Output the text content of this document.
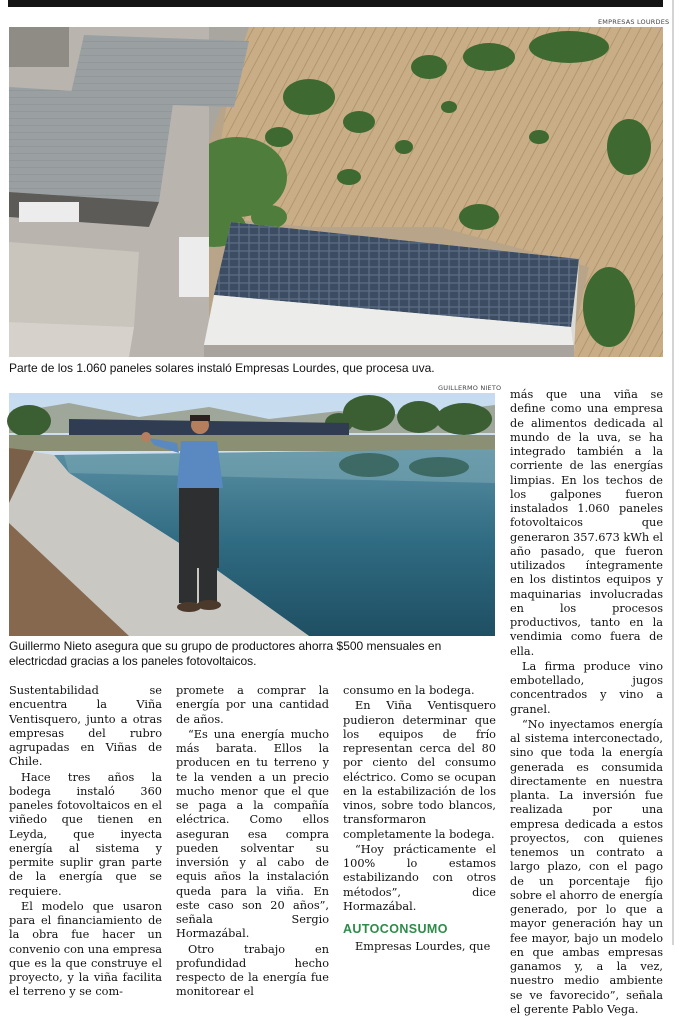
EMPRESAS LOURDES
Parte de los 1.060 paneles solares instaló Empresas Lourdes, que procesa uva.
GUILLERMO NIETO
Guillermo Nieto asegura que su grupo de productores ahorra $500 mensuales en electricdad gracias a los paneles fotovoltaicos.

Sustentabilidad se encuentra la Viña Ventisquero, junto a otras empresas del rubro agrupadas en Viñas de Chile.

Hace tres años la bodega instaló 360 paneles fotovoltaicos en el viñedo que tienen en Leyda, que inyecta energía al sistema y permite suplir gran parte de la energía que se requiere.

El modelo que usaron para el financiamiento de la obra fue hacer un convenio con una empresa que es la que construye el proyecto, y la viña facilita el terreno y se com-

promete a comprar la energía por una cantidad de años.

“Es una energía mucho más barata. Ellos la producen en tu terreno y te la venden a un precio mucho menor que el que se paga a la compañía eléctrica. Como ellos aseguran esa compra pueden solventar su inversión y al cabo de equis años la instalación queda para la viña. En este caso son 20 años”, señala Sergio Hormazábal.

Otro trabajo en profundidad hecho respecto de la energía fue monitorear el

consumo en la bodega.

En Viña Ventisquero pudieron determinar que los equipos de frío representan cerca del 80 por ciento del consumo eléctrico. Como se ocupan en la estabilización de los vinos, sobre todo blancos, transformaron completamente la bodega.

“Hoy prácticamente el 100% lo estamos estabilizando con otros métodos”, dice Hormazábal.

AUTOCONSUMO

Empresas Lourdes, que

más que una viña se define como una empresa de alimentos dedicada al mundo de la uva, se ha integrado también a la corriente de las energías limpias. En los techos de los galpones fueron instalados 1.060 paneles fotovoltaicos que generaron 357.673 kWh el año pasado, que fueron utilizados íntegramente en los distintos equipos y maquinarias involucradas en los procesos productivos, tanto en la vendimia como fuera de ella.

La firma produce vino embotellado, jugos concentrados y vino a granel.

“No inyectamos energía al sistema interconectado, sino que toda la energía generada es consumida directamente en nuestra planta. La inversión fue realizada por una empresa dedicada a estos proyectos, con quienes tenemos un contrato a largo plazo, con el pago de un porcentaje fijo sobre el ahorro de energía generado, por lo que a mayor generación hay un fee mayor, bajo un modelo en que ambas empresas ganamos y, a la vez, nuestro medio ambiente se ve favorecido”, señala el gerente Pablo Vega.
